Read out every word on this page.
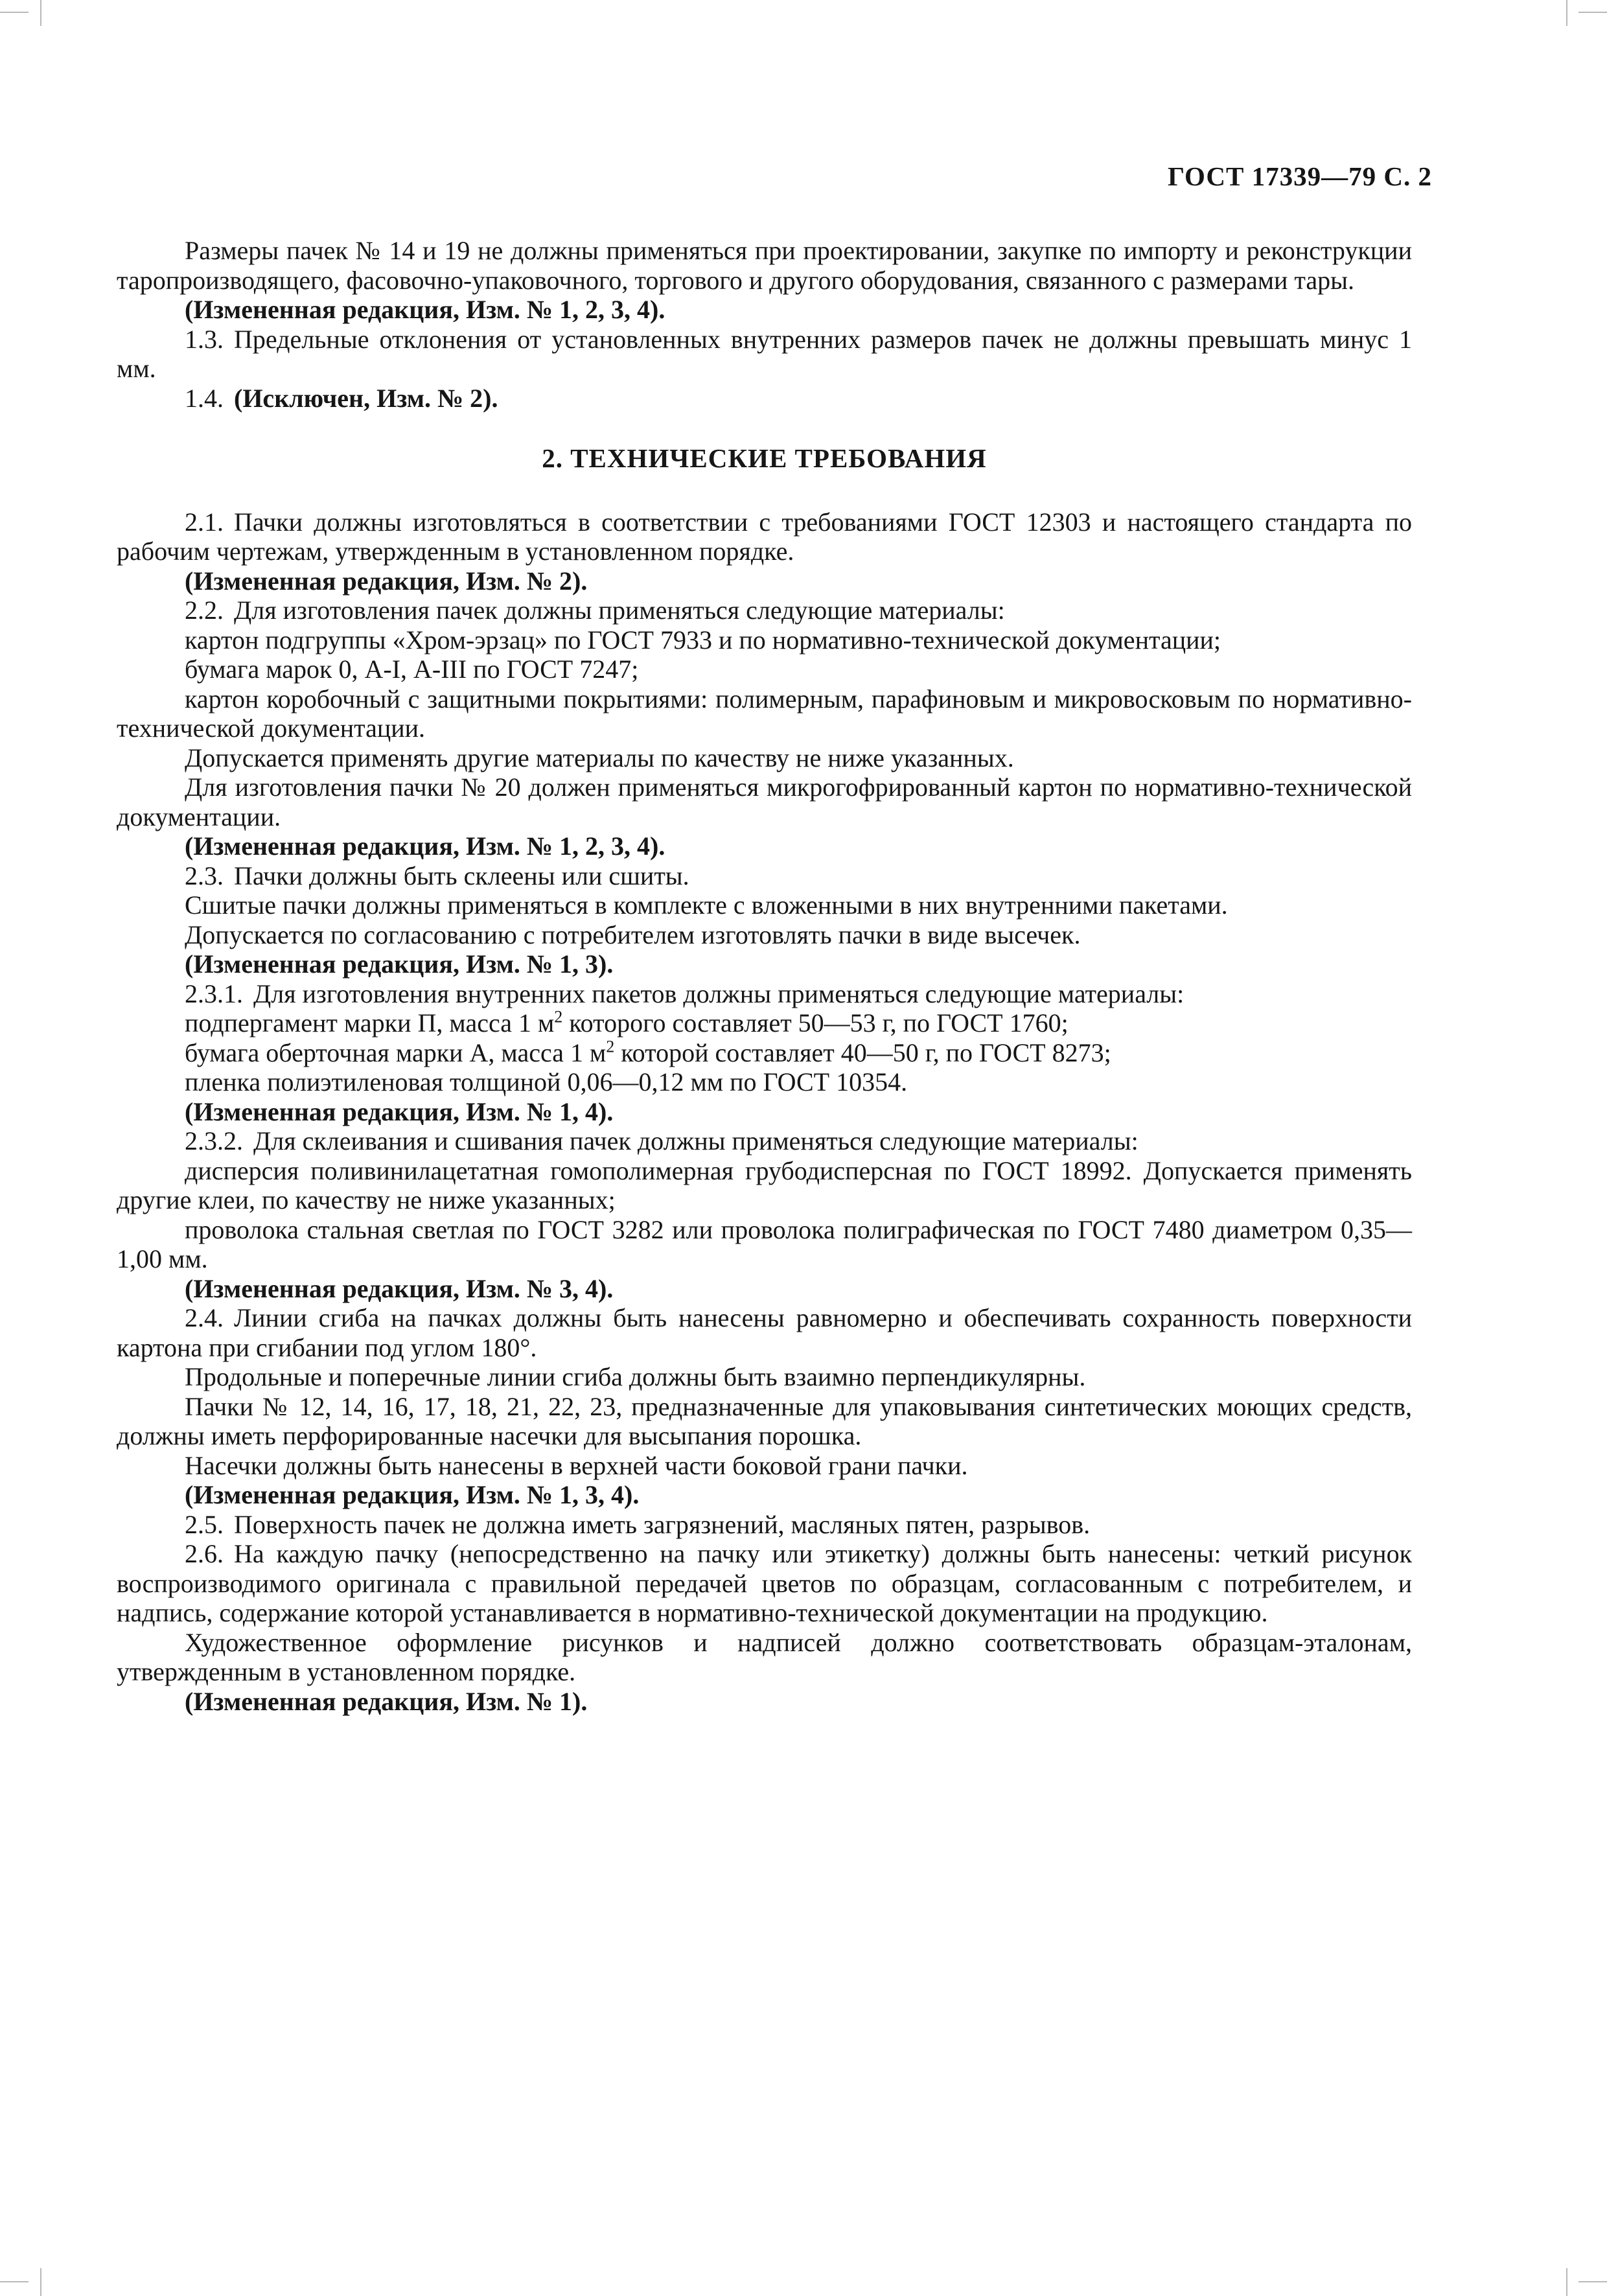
ГОСТ 17339—79 С. 2

Размеры пачек № 14 и 19 не должны применяться при проектировании, закупке по импорту и реконструкции таропроизводящего, фасовочно-упаковочного, торгового и другого оборудования, связанного с размерами тары.

(Измененная редакция, Изм. № 1, 2, 3, 4).

1.3. Предельные отклонения от установленных внутренних размеров пачек не должны превышать минус 1 мм.

1.4. (Исключен, Изм. № 2).

2. ТЕХНИЧЕСКИЕ ТРЕБОВАНИЯ

2.1. Пачки должны изготовляться в соответствии с требованиями ГОСТ 12303 и настоящего стандарта по рабочим чертежам, утвержденным в установленном порядке.

(Измененная редакция, Изм. № 2).

2.2. Для изготовления пачек должны применяться следующие материалы:

картон подгруппы «Хром-эрзац» по ГОСТ 7933 и по нормативно-технической документации;

бумага марок 0, А-I, А-III по ГОСТ 7247;

картон коробочный с защитными покрытиями: полимерным, парафиновым и микровосковым по нормативно-технической документации.

Допускается применять другие материалы по качеству не ниже указанных.

Для изготовления пачки № 20 должен применяться микрогофрированный картон по нормативно-технической документации.

(Измененная редакция, Изм. № 1, 2, 3, 4).

2.3. Пачки должны быть склеены или сшиты.

Сшитые пачки должны применяться в комплекте с вложенными в них внутренними пакетами.

Допускается по согласованию с потребителем изготовлять пачки в виде высечек.

(Измененная редакция, Изм. № 1, 3).

2.3.1. Для изготовления внутренних пакетов должны применяться следующие материалы:

подпергамент марки П, масса 1 $м^2$ которого составляет 50—53 г, по ГОСТ 1760;

бумага оберточная марки А, масса 1 $м^2$ которой составляет 40—50 г, по ГОСТ 8273;

пленка полиэтиленовая толщиной 0,06—0,12 мм по ГОСТ 10354.

(Измененная редакция, Изм. № 1, 4).

2.3.2. Для склеивания и сшивания пачек должны применяться следующие материалы:

дисперсия поливинилацетатная гомополимерная грубодисперсная по ГОСТ 18992. Допускается применять другие клеи, по качеству не ниже указанных;

проволока стальная светлая по ГОСТ 3282 или проволока полиграфическая по ГОСТ 7480 диаметром 0,35—1,00 мм.

(Измененная редакция, Изм. № 3, 4).

2.4. Линии сгиба на пачках должны быть нанесены равномерно и обеспечивать сохранность поверхности картона при сгибании под углом 180°.

Продольные и поперечные линии сгиба должны быть взаимно перпендикулярны.

Пачки № 12, 14, 16, 17, 18, 21, 22, 23, предназначенные для упаковывания синтетических моющих средств, должны иметь перфорированные насечки для высыпания порошка.

Насечки должны быть нанесены в верхней части боковой грани пачки.

(Измененная редакция, Изм. № 1, 3, 4).

2.5. Поверхность пачек не должна иметь загрязнений, масляных пятен, разрывов.

2.6. На каждую пачку (непосредственно на пачку или этикетку) должны быть нанесены: четкий рисунок воспроизводимого оригинала с правильной передачей цветов по образцам, согласованным с потребителем, и надпись, содержание которой устанавливается в нормативно-технической документации на продукцию.

Художественное оформление рисунков и надписей должно соответствовать образцам-эталонам, утвержденным в установленном порядке.

(Измененная редакция, Изм. № 1).
